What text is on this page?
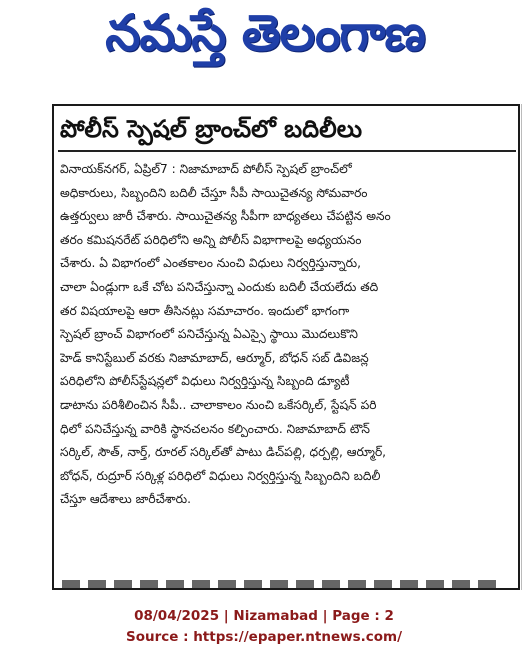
నమస్తే తెలంగాణ
పోలీస్ స్పెషల్ బ్రాంచ్‌లో బదిలీలు
వినాయక్‌నగర్, ఏప్రిల్7 : నిజామాబాద్ పోలీస్ స్పెషల్ బ్రాంచ్‌లో
అధికారులు, సిబ్బందిని బదిలీ చేస్తూ సీపీ సాయిచైతన్య సోమవారం
ఉత్తర్వులు జారీ చేశారు. సాయిచైతన్య సీపీగా బాధ్యతలు చేపట్టిన అనం
తరం కమిషనరేట్ పరిధిలోని అన్ని పోలీస్ విభాగాలపై అధ్యయనం
చేశారు. ఏ విభాగంలో ఎంతకాలం నుంచి విధులు నిర్వర్తిస్తున్నారు,
చాలా ఏండ్లుగా ఒకే చోట పనిచేస్తున్నా ఎందుకు బదిలీ చేయలేదు తది
తర విషయాలపై ఆరా తీసినట్లు సమాచారం. ఇందులో భాగంగా
స్పెషల్ బ్రాంచ్ విభాగంలో పనిచేస్తున్న ఏఎస్సై స్థాయి మొదలుకొని
హెడ్ కానిస్టేబుల్ వరకు నిజామాబాద్, ఆర్మూర్, బోధన్ సబ్ డివిజన్ల
పరిధిలోని పోలీస్‌స్టేషన్లలో విధులు నిర్వర్తిస్తున్న సిబ్బంది డ్యూటీ
డాటాను పరిశీలించిన సీపీ.. చాలాకాలం నుంచి ఒకేసర్కిల్, స్టేషన్ పరి
ధిలో పనిచేస్తున్న వారికి స్థానచలనం కల్పించారు. నిజామాబాద్ టౌన్
సర్కిల్, సౌత్, నార్త్, రూరల్ సర్కిల్‌తో పాటు డిచ్‌పల్లి, ధర్పల్లి, ఆర్మూర్,
బోధన్, రుద్రూర్ సర్కిళ్ల పరిధిలో విధులు నిర్వర్తిస్తున్న సిబ్బందిని బదిలీ
చేస్తూ ఆదేశాలు జారీచేశారు.
08/04/2025 | Nizamabad | Page : 2
Source : https://epaper.ntnews.com/
